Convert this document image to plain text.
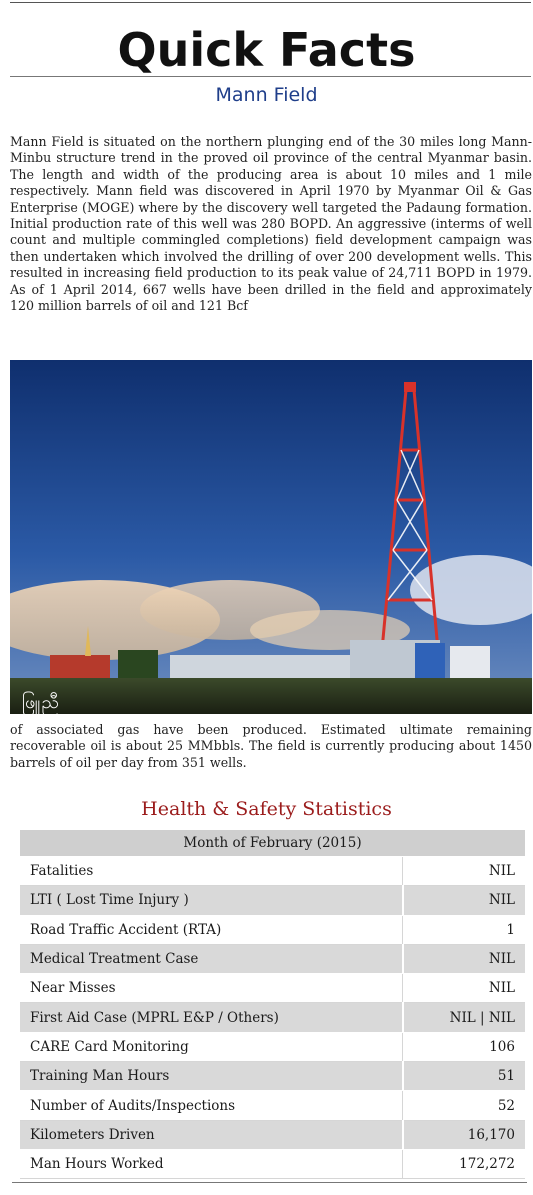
Quick Facts
Mann Field
Mann Field is situated on the northern plunging end of the 30 miles long Mann-Minbu structure trend in the proved oil province of the central Myanmar basin. The length and width of the producing area is about 10 miles and 1 mile respectively. Mann field was discovered in April 1970 by Myanmar Oil & Gas Enterprise (MOGE) where by the discovery well targeted the Padaung formation. Initial production rate of this well was 280 BOPD. An aggressive (interms of well count and multiple commingled completions) field development campaign was then undertaken which involved the drilling of over 200 development wells. This resulted in increasing field production to its peak value of 24,711 BOPD in 1979. As of 1 April 2014, 667 wells have been drilled in the field and approximately 120 million barrels of oil and 121 Bcf
ဖြူညီ
of associated gas have been produced. Estimated ultimate remaining recoverable oil is about 25 MMbbls. The field is currently producing about 1450 barrels of oil per day from 351 wells.
Health & Safety Statistics
Month of February (2015)	
Fatalities	NIL
LTI ( Lost Time Injury )	NIL
Road Traffic Accident (RTA)	1
Medical Treatment Case	NIL
Near Misses	NIL
First Aid Case (MPRL E&P / Others)	NIL | NIL
CARE Card Monitoring	106
Training Man Hours	51
Number of Audits/Inspections	52
Kilometers Driven	16,170
Man Hours Worked	172,272
